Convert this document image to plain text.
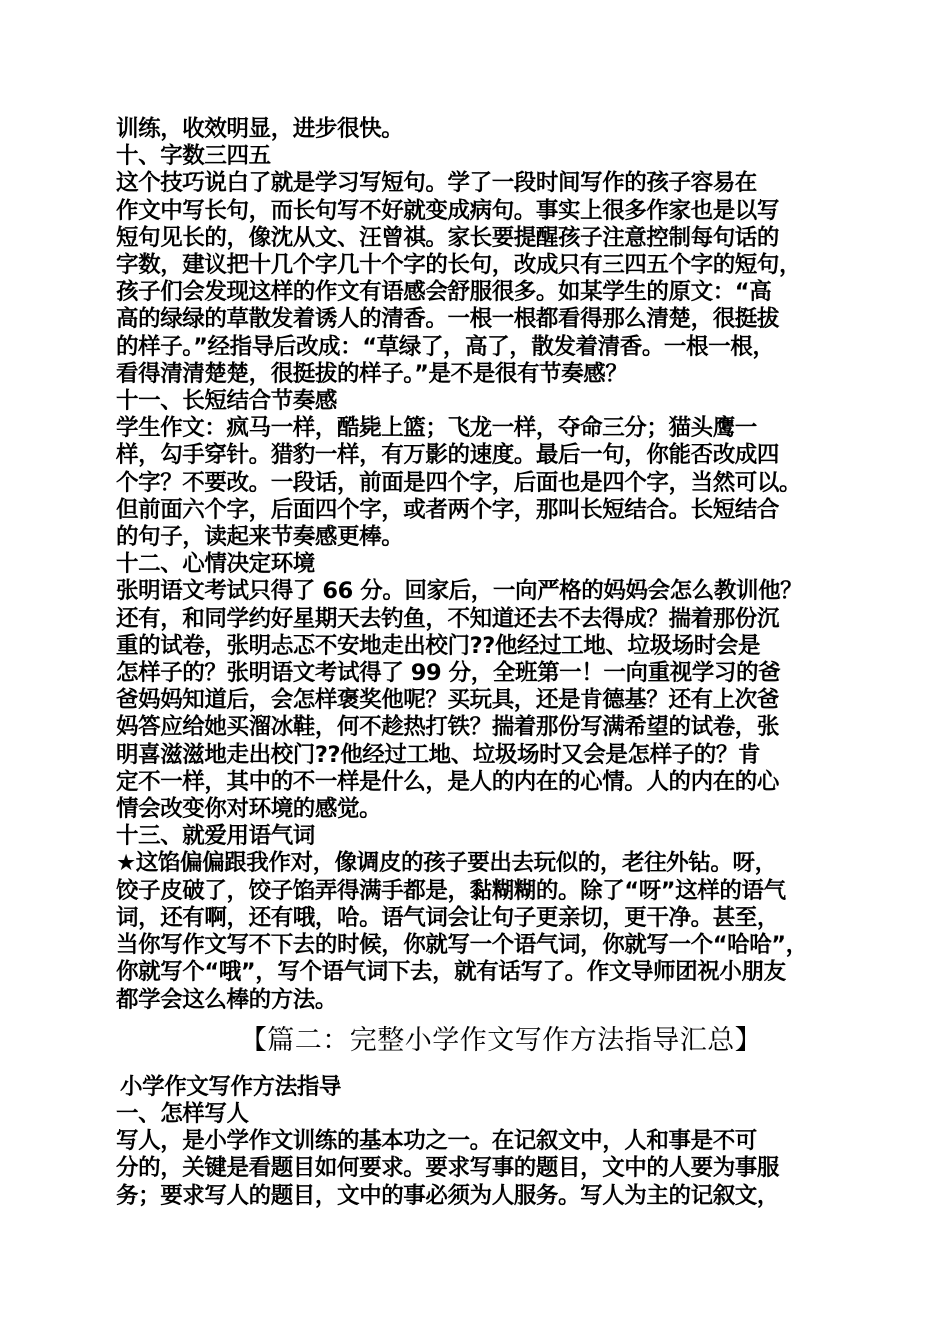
训练，收效明显，进步很快。
十、字数三四五
这个技巧说白了就是学习写短句。学了一段时间写作的孩子容易在
作文中写长句，而长句写不好就变成病句。事实上很多作家也是以写
短句见长的，像沈从文、汪曾祺。家长要提醒孩子注意控制每句话的
字数，建议把十几个字几十个字的长句，改成只有三四五个字的短句，
孩子们会发现这样的作文有语感会舒服很多。如某学生的原文：“高
高的绿绿的草散发着诱人的清香。一根一根都看得那么清楚，很挺拔
的样子。”经指导后改成：“草绿了，高了，散发着清香。一根一根，
看得清清楚楚，很挺拔的样子。”是不是很有节奏感？
十一、长短结合节奏感
学生作文：疯马一样，酷毙上篮；飞龙一样，夺命三分；猫头鹰一
样，勾手穿针。猎豹一样，有万影的速度。最后一句，你能否改成四
个字？不要改。一段话，前面是四个字，后面也是四个字，当然可以。
但前面六个字，后面四个字，或者两个字，那叫长短结合。长短结合
的句子，读起来节奏感更棒。
十二、心情决定环境
张明语文考试只得了 66 分。回家后，一向严格的妈妈会怎么教训他？
还有，和同学约好星期天去钓鱼，不知道还去不去得成？揣着那份沉
重的试卷，张明忐忑不安地走出校门??他经过工地、垃圾场时会是
怎样子的？张明语文考试得了 99 分，全班第一！一向重视学习的爸
爸妈妈知道后，会怎样褒奖他呢？买玩具，还是肯德基？还有上次爸
妈答应给她买溜冰鞋，何不趁热打铁？揣着那份写满希望的试卷，张
明喜滋滋地走出校门??他经过工地、垃圾场时又会是怎样子的？肯
定不一样，其中的不一样是什么，是人的内在的心情。人的内在的心
情会改变你对环境的感觉。
十三、就爱用语气词
★这馅偏偏跟我作对，像调皮的孩子要出去玩似的，老往外钻。呀，
饺子皮破了，饺子馅弄得满手都是，黏糊糊的。除了“呀”这样的语气
词，还有啊，还有哦，哈。语气词会让句子更亲切，更干净。甚至，
当你写作文写不下去的时候，你就写一个语气词，你就写一个“哈哈”，
你就写个“哦”，写个语气词下去，就有话写了。作文导师团祝小朋友
都学会这么棒的方法。
【篇二：完整小学作文写作方法指导汇总】
小学作文写作方法指导
一、怎样写人
写人，是小学作文训练的基本功之一。在记叙文中，人和事是不可
分的，关键是看题目如何要求。要求写事的题目，文中的人要为事服
务；要求写人的题目，文中的事必须为人服务。写人为主的记叙文，
